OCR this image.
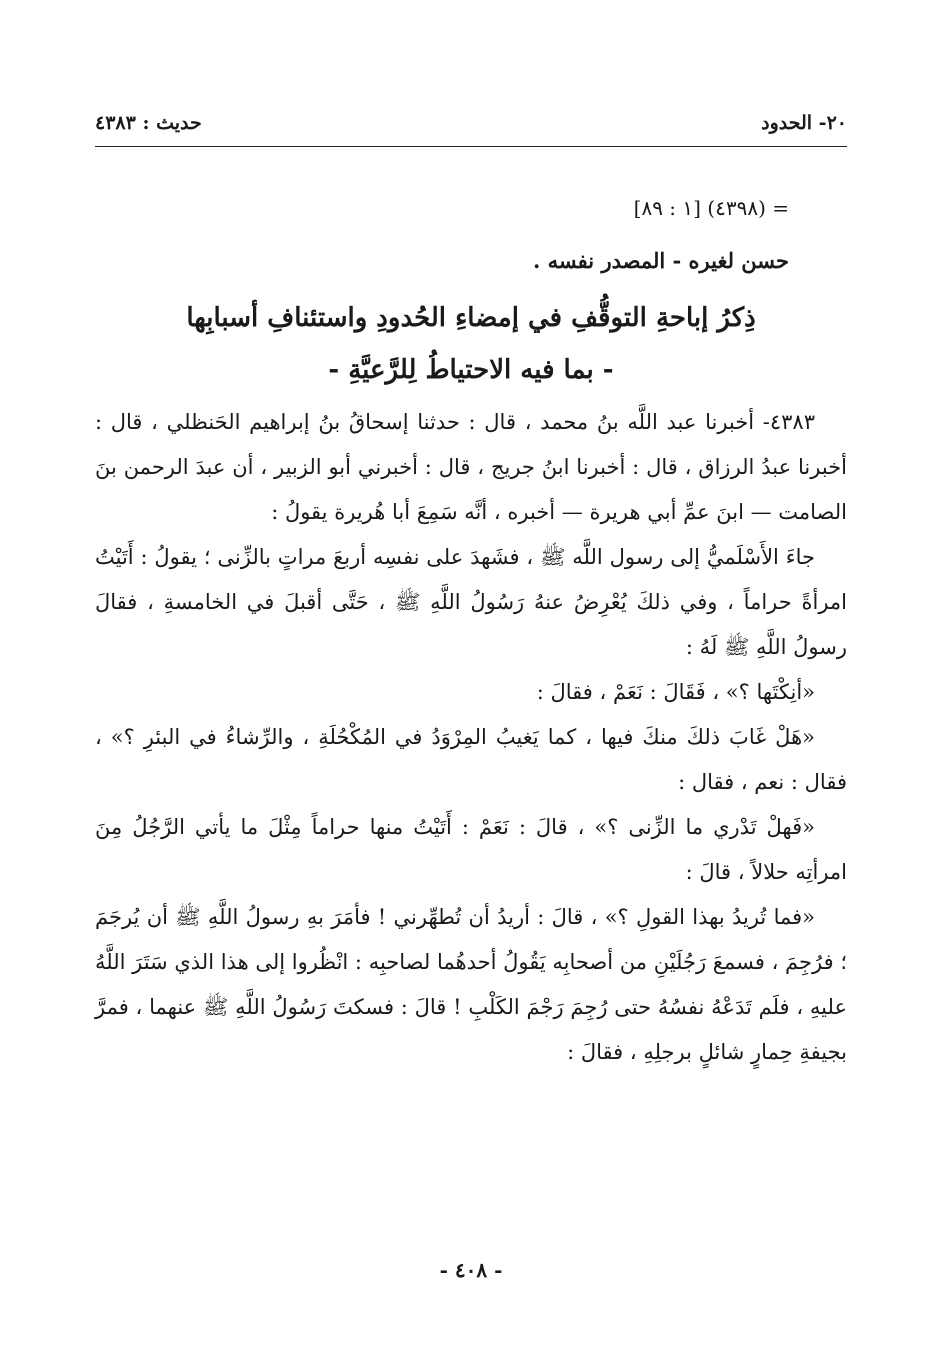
٢٠- الحدود
حديث : ٤٣٨٣
= (٤٣٩٨) [١ : ٨٩]
حسن لغيره - المصدر نفسه .
ذِكرُ إباحةِ التوقُّفِ في إمضاءِ الحُدودِ واستئنافِ أسبابِها
- بما فيه الاحتياطُ لِلرَّعيَّةِ -

٤٣٨٣- أخبرنا عبد اللَّه بنُ محمد ، قال : حدثنا إسحاقُ بنُ إبراهيم الحَنظلي ، قال : أخبرنا عبدُ الرزاق ، قال : أخبرنا ابنُ جريج ، قال : أخبرني أبو الزبير ، أن عبدَ الرحمن بنَ الصامت — ابنَ عمِّ أبي هريرة — أخبره ، أنَّه سَمِعَ أبا هُريرة يقولُ :

جاءَ الأَسْلَميُّ إلى رسول اللَّه ﷺ ، فشَهدَ على نفسِه أربعَ مراتٍ بالزِّنى ؛ يقولُ : أَتَيْتُ امرأةً حراماً ، وفي ذلكَ يُعْرِضُ عنهُ رَسُولُ اللَّهِ ﷺ ، حَتَّى أقبلَ في الخامسةِ ، فقالَ رسولُ اللَّهِ ﷺ لَهُ :

«أنِكْتَها ؟» ، فَقَالَ : نَعَمْ ، فقالَ :

«هَلْ غَابَ ذلكَ منكَ فيها ، كما يَغيبُ المِرْوَدُ في المُكْحُلَةِ ، والرِّشاءُ في البئرِ ؟» ، فقال : نعم ، فقال :

«فَهلْ تَدْري ما الزِّنى ؟» ، قالَ : نَعَمْ : أَتَيْتُ منها حراماً مِثْلَ ما يأتي الرَّجُلُ مِنَ امرأتِه حلالاً ، قالَ :

«فما تُريدُ بهذا القولِ ؟» ، قالَ : أريدُ أن تُطهِّرني ! فأمَرَ بهِ رسولُ اللَّهِ ﷺ أن يُرجَمَ ؛ فرُجِمَ ، فسمعَ رَجُلَيْنِ من أصحابِه يَقُولُ أحدهُما لصاحبِه : انْظُروا إلى هذا الذي سَتَرَ اللَّهُ عليهِ ، فلَم تَدَعْهُ نفسُهُ حتى رُجِمَ رَجْمَ الكَلْبِ ! قالَ : فسكتَ رَسُولُ اللَّهِ ﷺ عنهما ، فمرَّ بجيفةِ حِمارٍ شائلٍ برجلِهِ ، فقالَ :

- ٤٠٨ -
